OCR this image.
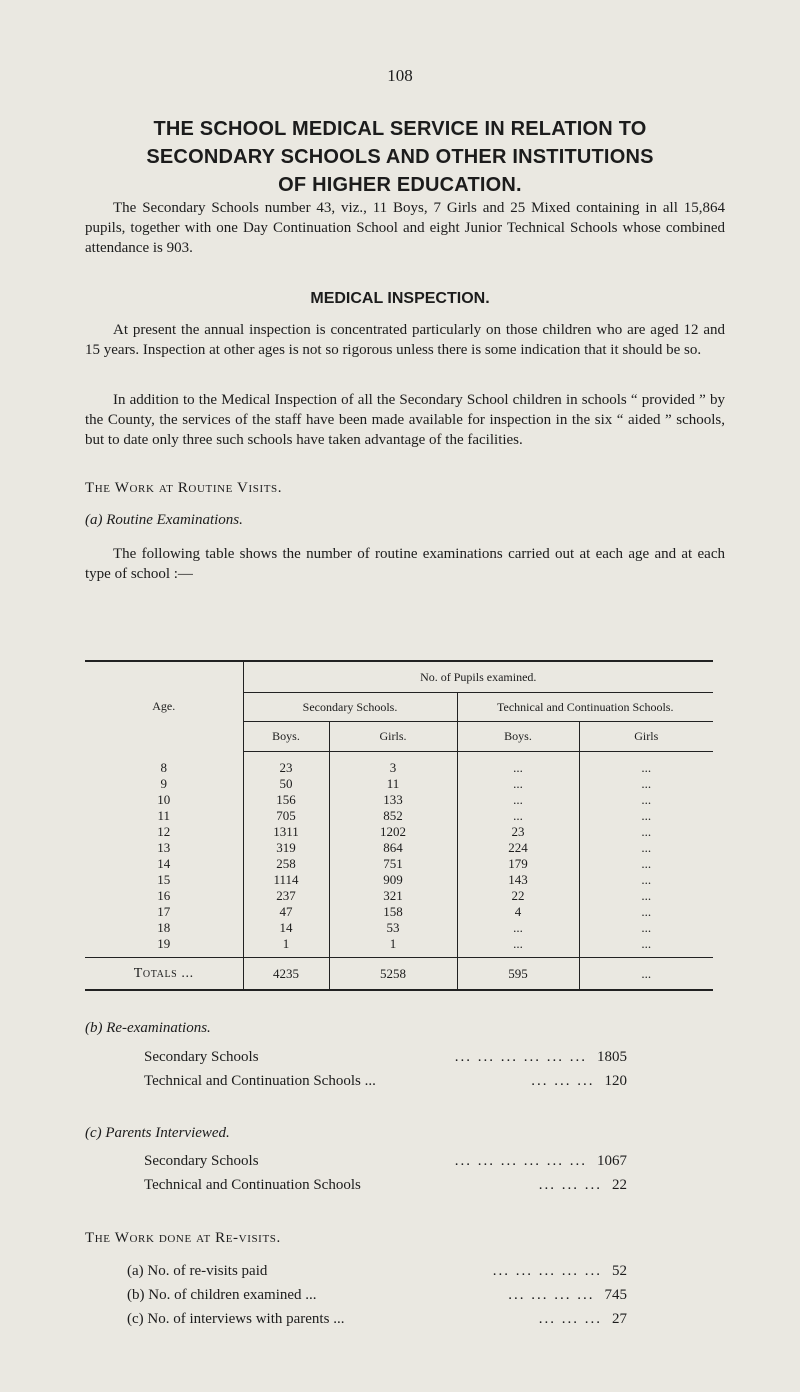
108
THE SCHOOL MEDICAL SERVICE IN RELATION TO
SECONDARY SCHOOLS AND OTHER INSTITUTIONS
OF HIGHER EDUCATION.
The Secondary Schools number 43, viz., 11 Boys, 7 Girls and 25 Mixed containing in all 15,864 pupils, together with one Day Continuation School and eight Junior Technical Schools whose combined attendance is 903.
MEDICAL INSPECTION.
At present the annual inspection is concentrated particularly on those children who are aged 12 and 15 years. Inspection at other ages is not so rigorous unless there is some indication that it should be so.
In addition to the Medical Inspection of all the Secondary School children in schools “ provided ” by the County, the services of the staff have been made available for inspection in the six “ aided ” schools, but to date only three such schools have taken advantage of the facilities.
The Work at Routine Visits.
(a) Routine Examinations.
The following table shows the number of routine examinations carried out at each age and at each type of school :—
Age.	No. of Pupils examined.			
	Secondary Schools.		Technical and Continuation Schools.	
	Boys.	Girls.	Boys.	Girls
8	23	3	...	...
9	50	11	...	...
10	156	133	...	...
11	705	852	...	...
12	1311	1202	23	...
13	319	864	224	...
14	258	751	179	...
15	1114	909	143	...
16	237	321	22	...
17	47	158	4	...
18	14	53	...	...
19	1	1	...	...
Totals ...	4235	5258	595	...
(b) Re-examinations.
Secondary Schools	1805
... ... ... ... ... ...
Technical and Continuation Schools ...	120
... ... ...
(c) Parents Interviewed.
Secondary Schools	1067
... ... ... ... ... ...
Technical and Continuation Schools	22
... ... ...
The Work done at Re-visits.
(a) No. of re-visits paid	52
... ... ... ... ...
(b) No. of children examined ...	745
... ... ... ...
(c) No. of interviews with parents ...	27
... ... ...
